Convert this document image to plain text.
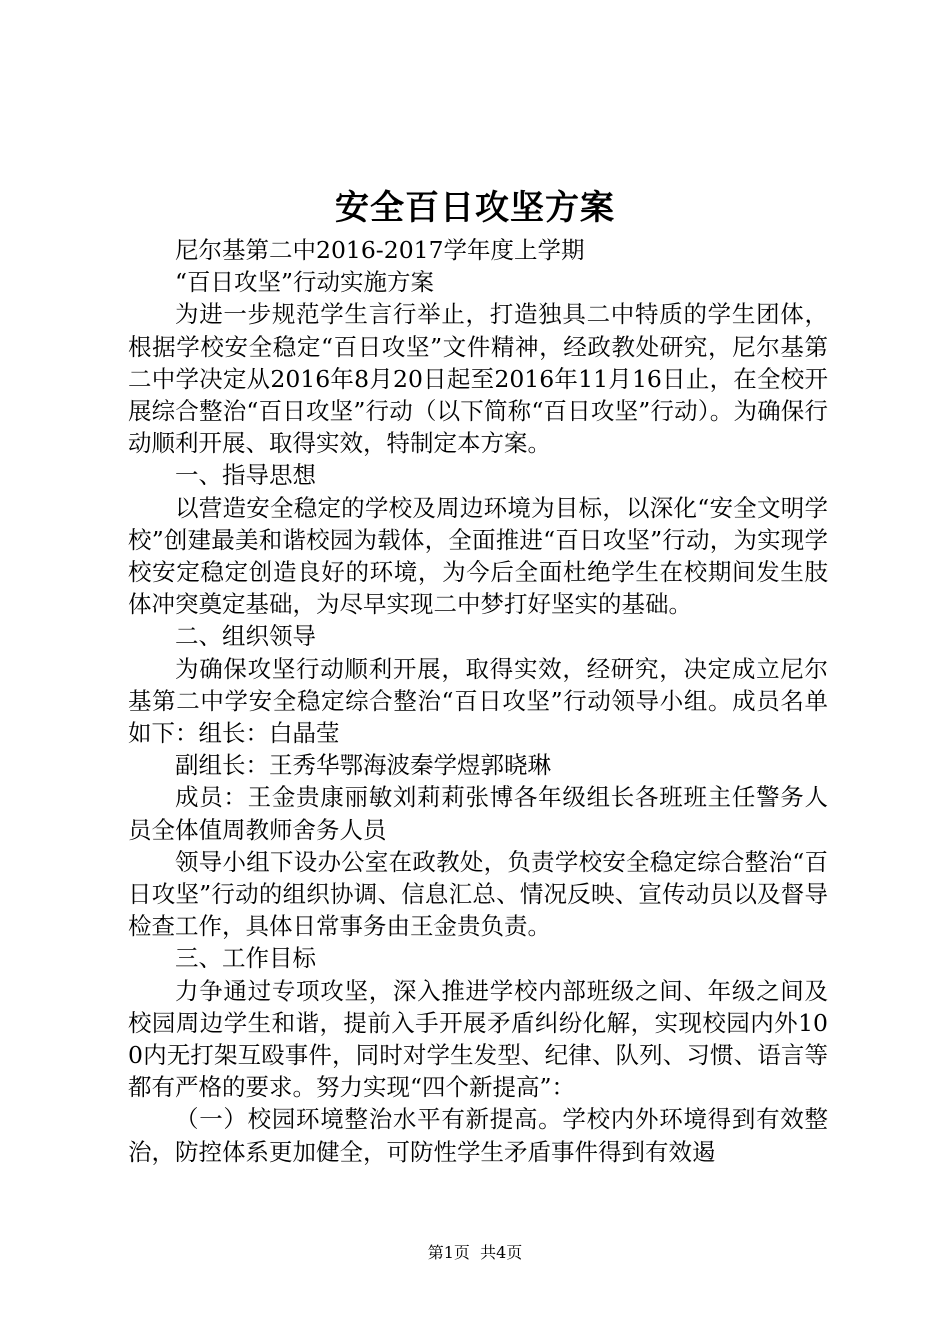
安全百日攻坚方案

尼尔基第二中2016-2017学年度上学期

“百日攻坚”行动实施方案

为进一步规范学生言行举止，打造独具二中特质的学生团体，根据学校安全稳定“百日攻坚”文件精神，经政教处研究，尼尔基第二中学决定从2016年8月20日起至2016年11月16日止，在全校开展综合整治“百日攻坚”行动（以下简称“百日攻坚”行动）。为确保行动顺利开展、取得实效，特制定本方案。

一、指导思想

以营造安全稳定的学校及周边环境为目标，以深化“安全文明学校”创建最美和谐校园为载体，全面推进“百日攻坚”行动，为实现学校安定稳定创造良好的环境，为今后全面杜绝学生在校期间发生肢体冲突奠定基础，为尽早实现二中梦打好坚实的基础。

二、组织领导

为确保攻坚行动顺利开展，取得实效，经研究，决定成立尼尔基第二中学安全稳定综合整治“百日攻坚”行动领导小组。成员名单如下：组长：白晶莹

副组长：王秀华鄂海波秦学煜郭晓琳

成员：王金贵康丽敏刘莉莉张博各年级组长各班班主任警务人员全体值周教师舍务人员

领导小组下设办公室在政教处，负责学校安全稳定综合整治“百日攻坚”行动的组织协调、信息汇总、情况反映、宣传动员以及督导检查工作，具体日常事务由王金贵负责。

三、工作目标

力争通过专项攻坚，深入推进学校内部班级之间、年级之间及校园周边学生和谐，提前入手开展矛盾纠纷化解，实现校园内外100内无打架互殴事件，同时对学生发型、纪律、队列、习惯、语言等都有严格的要求。努力实现“四个新提高”：

（一）校园环境整治水平有新提高。学校内外环境得到有效整治，防控体系更加健全，可防性学生矛盾事件得到有效遏

第1页  共4页
